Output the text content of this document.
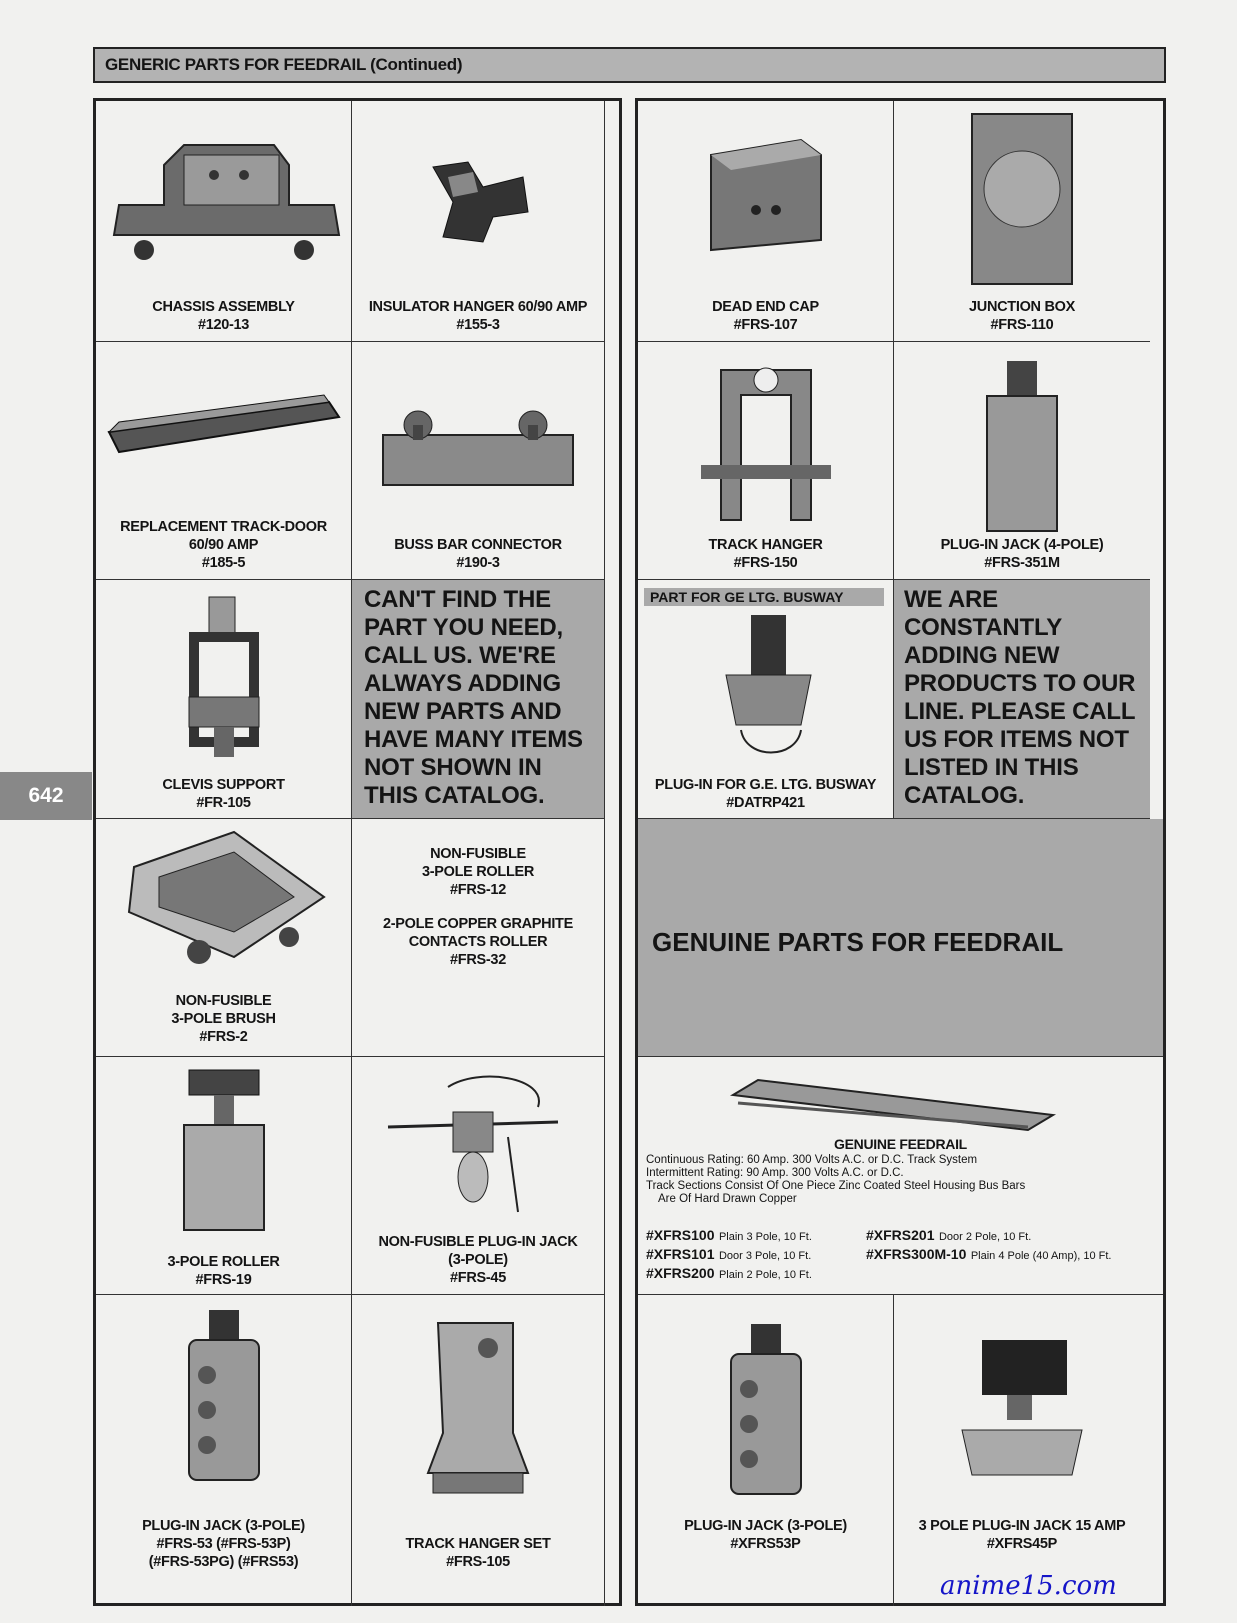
GENERIC PARTS FOR FEEDRAIL (Continued)
642
CHASSIS ASSEMBLY
#120-13
INSULATOR HANGER 60/90 AMP
#155-3
REPLACEMENT TRACK-DOOR
60/90 AMP
#185-5
BUSS BAR CONNECTOR
#190-3
CLEVIS SUPPORT
#FR-105
CAN'T FIND THE
PART YOU NEED,
CALL US. WE'RE
ALWAYS ADDING
NEW PARTS AND
HAVE MANY ITEMS
NOT SHOWN IN
THIS CATALOG.
NON-FUSIBLE
3-POLE BRUSH
#FRS-2
NON-FUSIBLE
3-POLE ROLLER
#FRS-12
2-POLE COPPER GRAPHITE
CONTACTS ROLLER
#FRS-32
3-POLE ROLLER
#FRS-19
NON-FUSIBLE PLUG-IN JACK
(3-POLE)
#FRS-45
PLUG-IN JACK (3-POLE)
#FRS-53 (#FRS-53P)
(#FRS-53PG) (#FRS53)
TRACK HANGER SET
#FRS-105
DEAD END CAP
#FRS-107
JUNCTION BOX
#FRS-110
TRACK HANGER
#FRS-150
PLUG-IN JACK (4-POLE)
#FRS-351M
PART FOR GE LTG. BUSWAY
PLUG-IN FOR G.E. LTG. BUSWAY
#DATRP421
WE ARE
CONSTANTLY
ADDING NEW
PRODUCTS TO OUR
LINE. PLEASE CALL
US FOR ITEMS NOT
LISTED IN THIS
CATALOG.
GENUINE PARTS FOR FEEDRAIL
GENUINE FEEDRAIL
Continuous Rating: 60 Amp. 300 Volts A.C. or D.C. Track System
Intermittent Rating: 90 Amp. 300 Volts A.C. or D.C.
Track Sections Consist Of One Piece Zinc Coated Steel Housing Bus Bars
Are Of Hard Drawn Copper
#XFRS100 Plain 3 Pole, 10 Ft.
#XFRS101 Door 3 Pole, 10 Ft.
#XFRS200 Plain 2 Pole, 10 Ft.
#XFRS201 Door 2 Pole, 10 Ft.
#XFRS300M-10 Plain 4 Pole (40 Amp), 10 Ft.
PLUG-IN JACK (3-POLE)
#XFRS53P
3 POLE PLUG-IN JACK 15 AMP
#XFRS45P
anime15.com
